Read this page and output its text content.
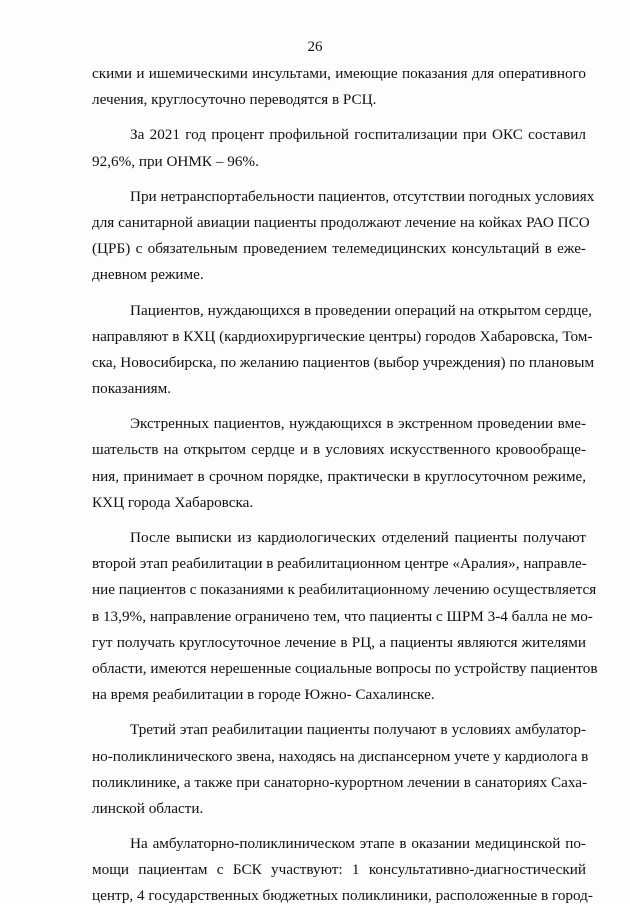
26
скими и ишемическими инсультами, имеющие показания для оперативного
лечения, круглосуточно переводятся в РСЦ.
За 2021 год процент профильной госпитализации при ОКС составил
92,6%, при ОНМК – 96%.
При нетранспортабельности пациентов, отсутствии погодных условиях
для санитарной авиации пациенты продолжают лечение на койках РАО ПСО
(ЦРБ) с обязательным проведением телемедицинских консультаций в еже-
дневном режиме.
Пациентов, нуждающихся в проведении операций на открытом сердце,
направляют в КХЦ (кардиохирургические центры) городов Хабаровска, Том-
ска, Новосибирска, по желанию пациентов (выбор учреждения) по плановым
показаниям.
Экстренных пациентов, нуждающихся в экстренном проведении вме-
шательств на открытом сердце и в условиях искусственного кровообраще-
ния, принимает в срочном порядке, практически в круглосуточном режиме,
КХЦ города Хабаровска.
После выписки из кардиологических отделений пациенты получают
второй этап реабилитации в реабилитационном центре «Аралия», направле-
ние пациентов с показаниями к реабилитационному лечению осуществляется
в 13,9%, направление ограничено тем, что пациенты с ШРМ 3-4 балла не мо-
гут получать круглосуточное лечение в РЦ, а пациенты являются жителями
области, имеются нерешенные социальные вопросы по устройству пациентов
на время реабилитации в городе Южно- Сахалинске.
Третий этап реабилитации пациенты получают в условиях амбулатор-
но-поликлинического звена, находясь на диспансерном учете у кардиолога в
поликлинике, а также при санаторно-курортном лечении в санаториях Саха-
линской области.
На амбулаторно-поликлиническом этапе в оказании медицинской по-
мощи пациентам с БСК участвуют: 1 консультативно-диагностический
центр, 4 государственных бюджетных поликлиники, расположенные в город-
